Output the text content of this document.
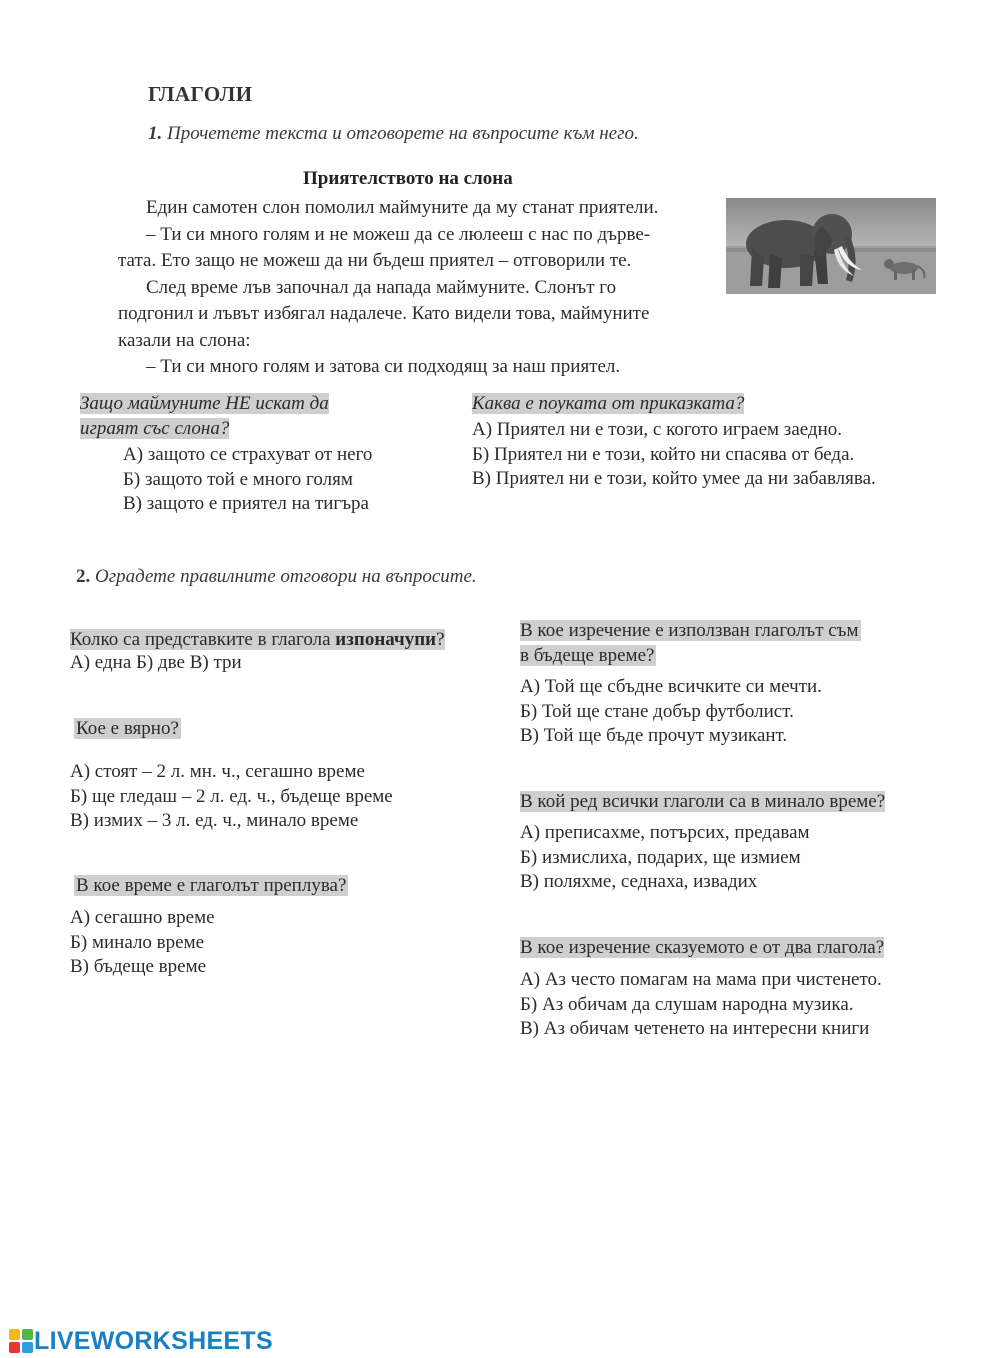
ГЛАГОЛИ
1. Прочетете текста и отговорете на въпросите към него.
Приятелството на слона

Един самотен слон помолил маймуните да му станат приятели.

– Ти си много голям и не можеш да се люлееш с нас по дърве-

тата. Ето защо не можеш да ни бъдеш приятел – отговорили те.

След време лъв започнал да напада маймуните. Слонът го

подгонил и лъвът избягал надалече. Като видели това, маймуните

казали на слона:

– Ти си много голям и затова си подходящ за наш приятел.

Защо маймуните НЕ искат да
играят със слона?
А) защото се страхуват от него
Б) защото той е много голям
В) защото е приятел на тигъра
Каква е поуката от приказката?
А) Приятел ни е този, с когото играем заедно.
Б) Приятел ни е този, който ни спасява от беда.
В) Приятел ни е този, който умее да ни забавлява.
2. Оградете правилните отговори на въпросите.
Колко са представките в глагола изпоначупи?
А) една Б) две В) три
Кое е вярно?
А) стоят – 2 л. мн. ч., сегашно време
Б) ще гледаш – 2 л. ед. ч., бъдеще време
В) измих – 3 л. ед. ч., минало време
В кое време е глаголът преплува?
А) сегашно време
Б) минало време
В) бъдеще време
В кое изречение е използван глаголът съм
в бъдеще време?
А) Той ще сбъдне всичките си мечти.
Б) Той ще стане добър футболист.
В) Той ще бъде прочут музикант.
В кой ред всички глаголи са в минало време?
А) преписахме, потърсих, предавам
Б) измислиха, подарих, ще измием
В) поляхме, седнаха, извадих
В кое изречение сказуемото е от два глагола?
А) Аз често помагам на мама при чистенето.
Б) Аз обичам да слушам народна музика.
В) Аз обичам четенето на интересни книги
LIVEWORKSHEETS
